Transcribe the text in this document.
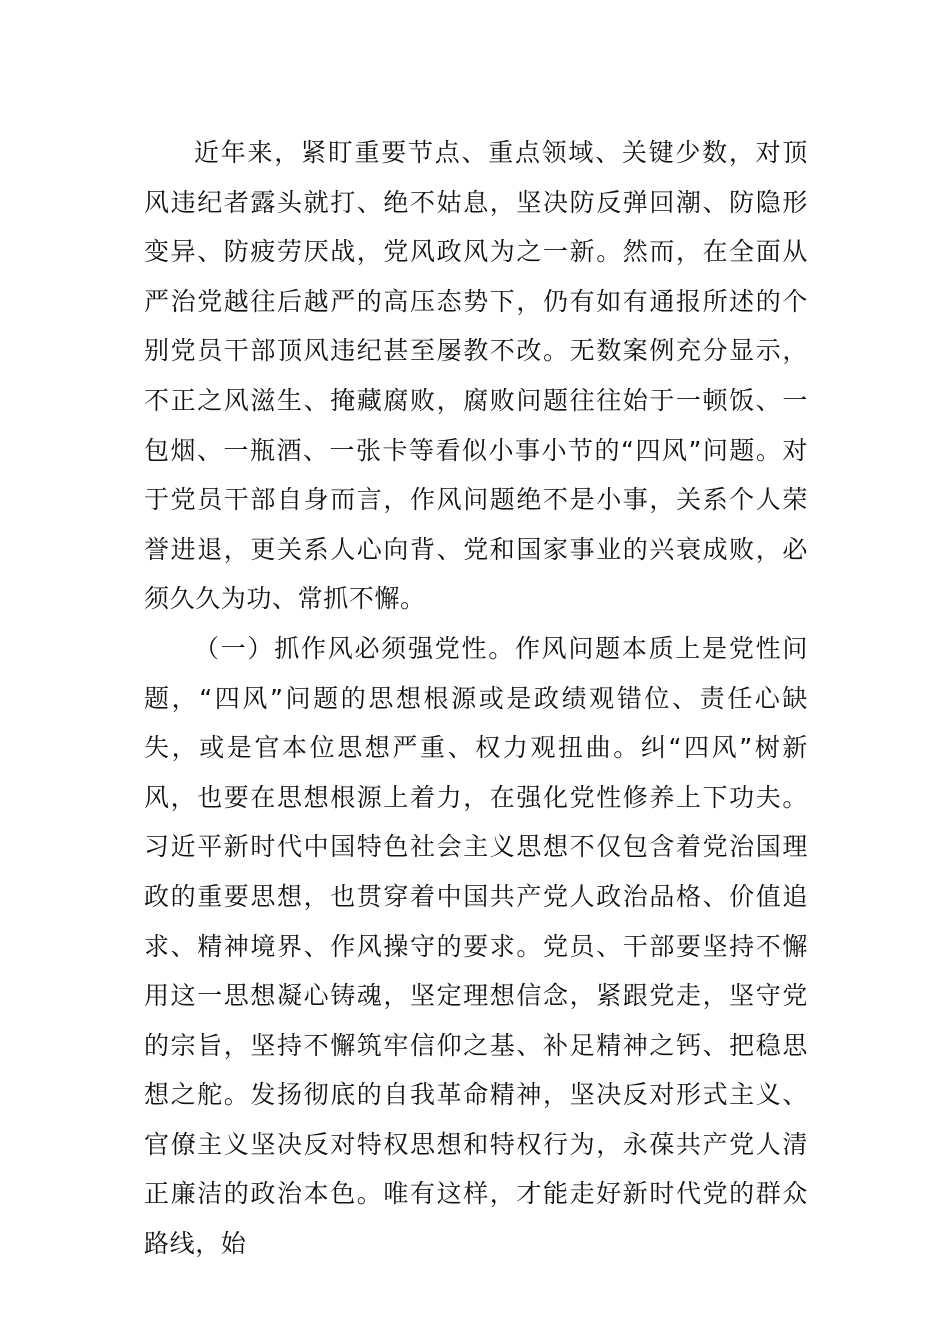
近年来，紧盯重要节点、重点领域、关键少数，对顶风违纪者露头就打、绝不姑息，坚决防反弹回潮、防隐形变异、防疲劳厌战，党风政风为之一新。然而，在全面从严治党越往后越严的高压态势下，仍有如有通报所述的个别党员干部顶风违纪甚至屡教不改。无数案例充分显示，不正之风滋生、掩藏腐败，腐败问题往往始于一顿饭、一包烟、一瓶酒、一张卡等看似小事小节的“四风”问题。对于党员干部自身而言，作风问题绝不是小事，关系个人荣誉进退，更关系人心向背、党和国家事业的兴衰成败，必须久久为功、常抓不懈。

（一）抓作风必须强党性。作风问题本质上是党性问题，“四风”问题的思想根源或是政绩观错位、责任心缺失，或是官本位思想严重、权力观扭曲。纠“四风”树新风，也要在思想根源上着力，在强化党性修养上下功夫。习近平新时代中国特色社会主义思想不仅包含着党治国理政的重要思想，也贯穿着中国共产党人政治品格、价值追求、精神境界、作风操守的要求。党员、干部要坚持不懈用这一思想凝心铸魂，坚定理想信念，紧跟党走，坚守党的宗旨，坚持不懈筑牢信仰之基、补足精神之钙、把稳思想之舵。发扬彻底的自我革命精神，坚决反对形式主义、官僚主义坚决反对特权思想和特权行为，永葆共产党人清正廉洁的政治本色。唯有这样，才能走好新时代党的群众路线，始
